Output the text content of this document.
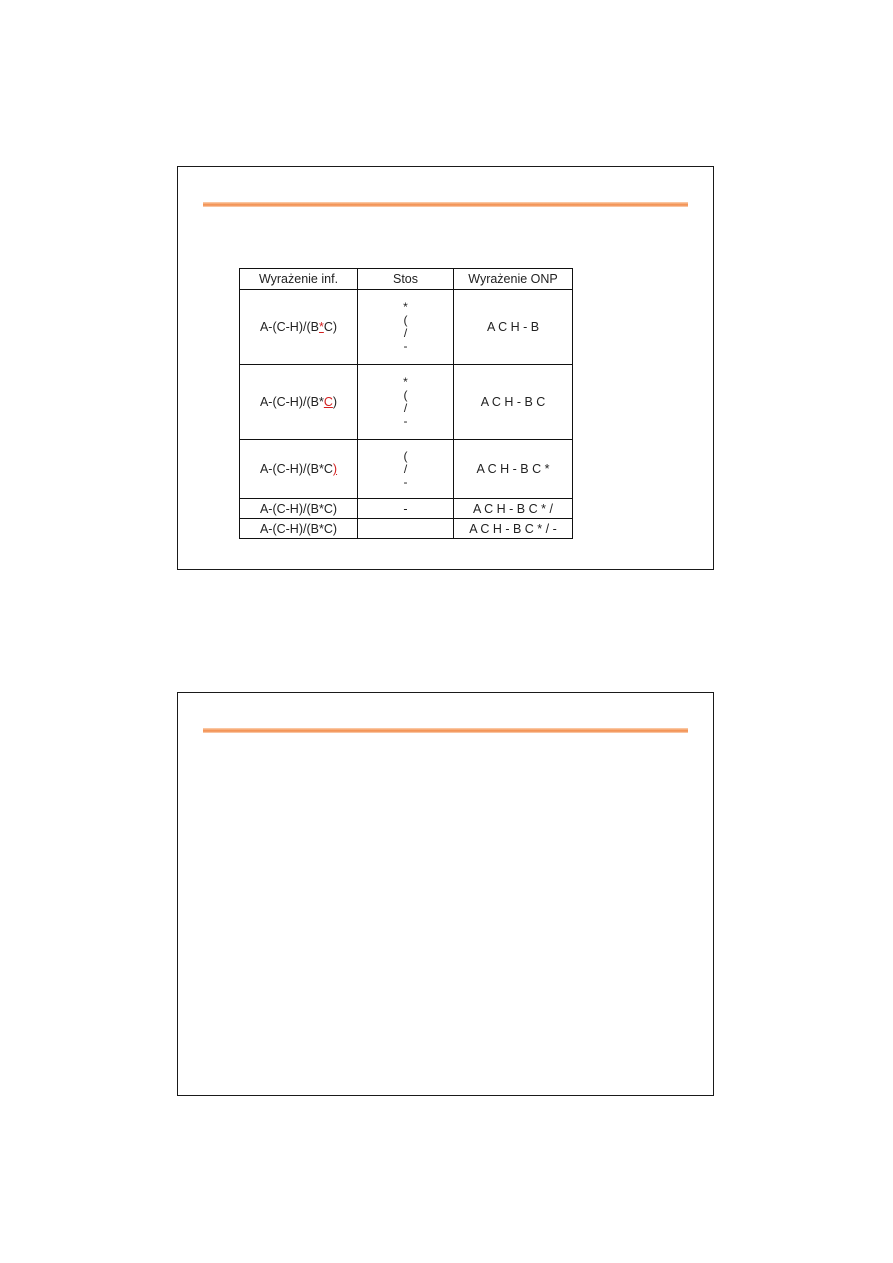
Wyrażenie inf.	Stos	Wyrażenie ONP
A-(C-H)/(B*C)	*
(
/
-	A C H - B
A-(C-H)/(B*C)	*
(
/
-	A C H - B C
A-(C-H)/(B*C)	(
/
-	A C H - B C *
A-(C-H)/(B*C)	-	A C H - B C * /
A-(C-H)/(B*C)		A C H - B C * / -
